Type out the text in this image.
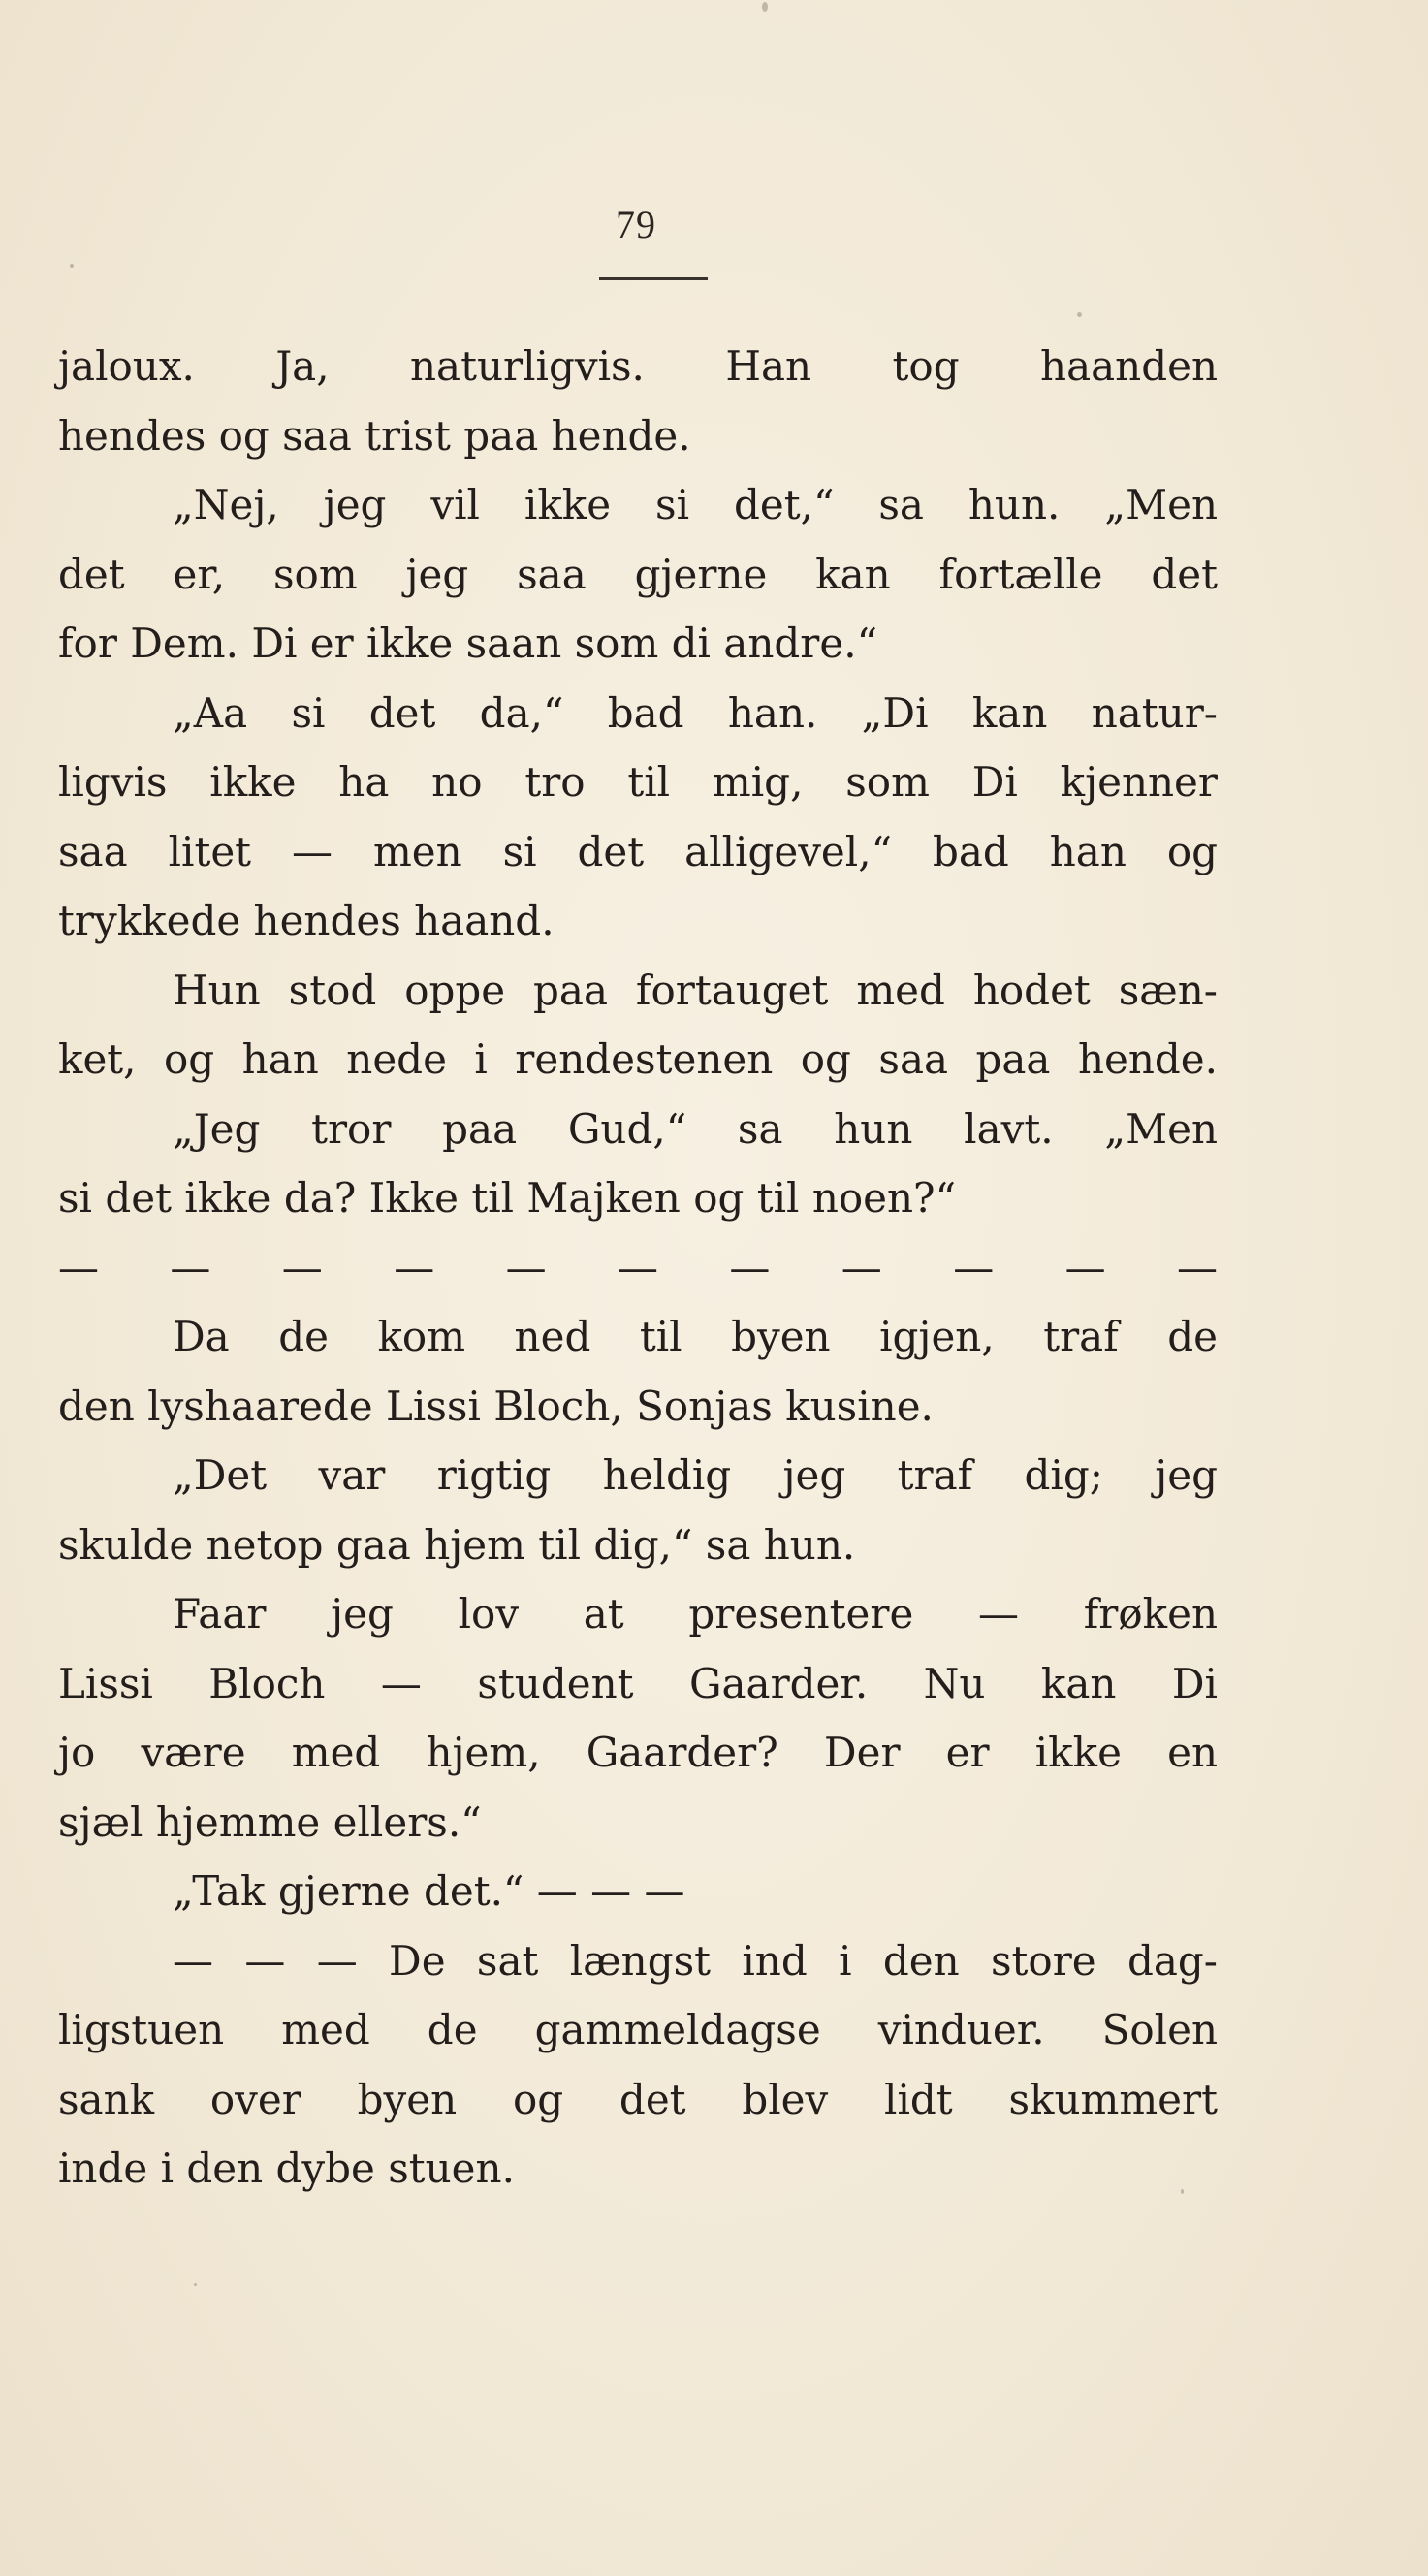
79
jaloux. Ja, naturligvis. Han tog haanden
hendes og saa trist paa hende.
„Nej, jeg vil ikke si det,“ sa hun. „Men
det er, som jeg saa gjerne kan fortælle det
for Dem. Di er ikke saan som di andre.“
„Aa si det da,“ bad han. „Di kan natur-
ligvis ikke ha no tro til mig, som Di kjenner
saa litet — men si det alligevel,“ bad han og
trykkede hendes haand.
Hun stod oppe paa fortauget med hodet sæn-
ket, og han nede i rendestenen og saa paa hende.
„Jeg tror paa Gud,“ sa hun lavt. „Men
si det ikke da? Ikke til Majken og til noen?“
— — — — — — — — — — —
Da de kom ned til byen igjen, traf de
den lyshaarede Lissi Bloch, Sonjas kusine.
„Det var rigtig heldig jeg traf dig; jeg
skulde netop gaa hjem til dig,“ sa hun.
Faar jeg lov at presentere — frøken
Lissi Bloch — student Gaarder. Nu kan Di
jo være med hjem, Gaarder? Der er ikke en
sjæl hjemme ellers.“
„Tak gjerne det.“ — — —
— — — De sat længst ind i den store dag-
ligstuen med de gammeldagse vinduer. Solen
sank over byen og det blev lidt skummert
inde i den dybe stuen.
